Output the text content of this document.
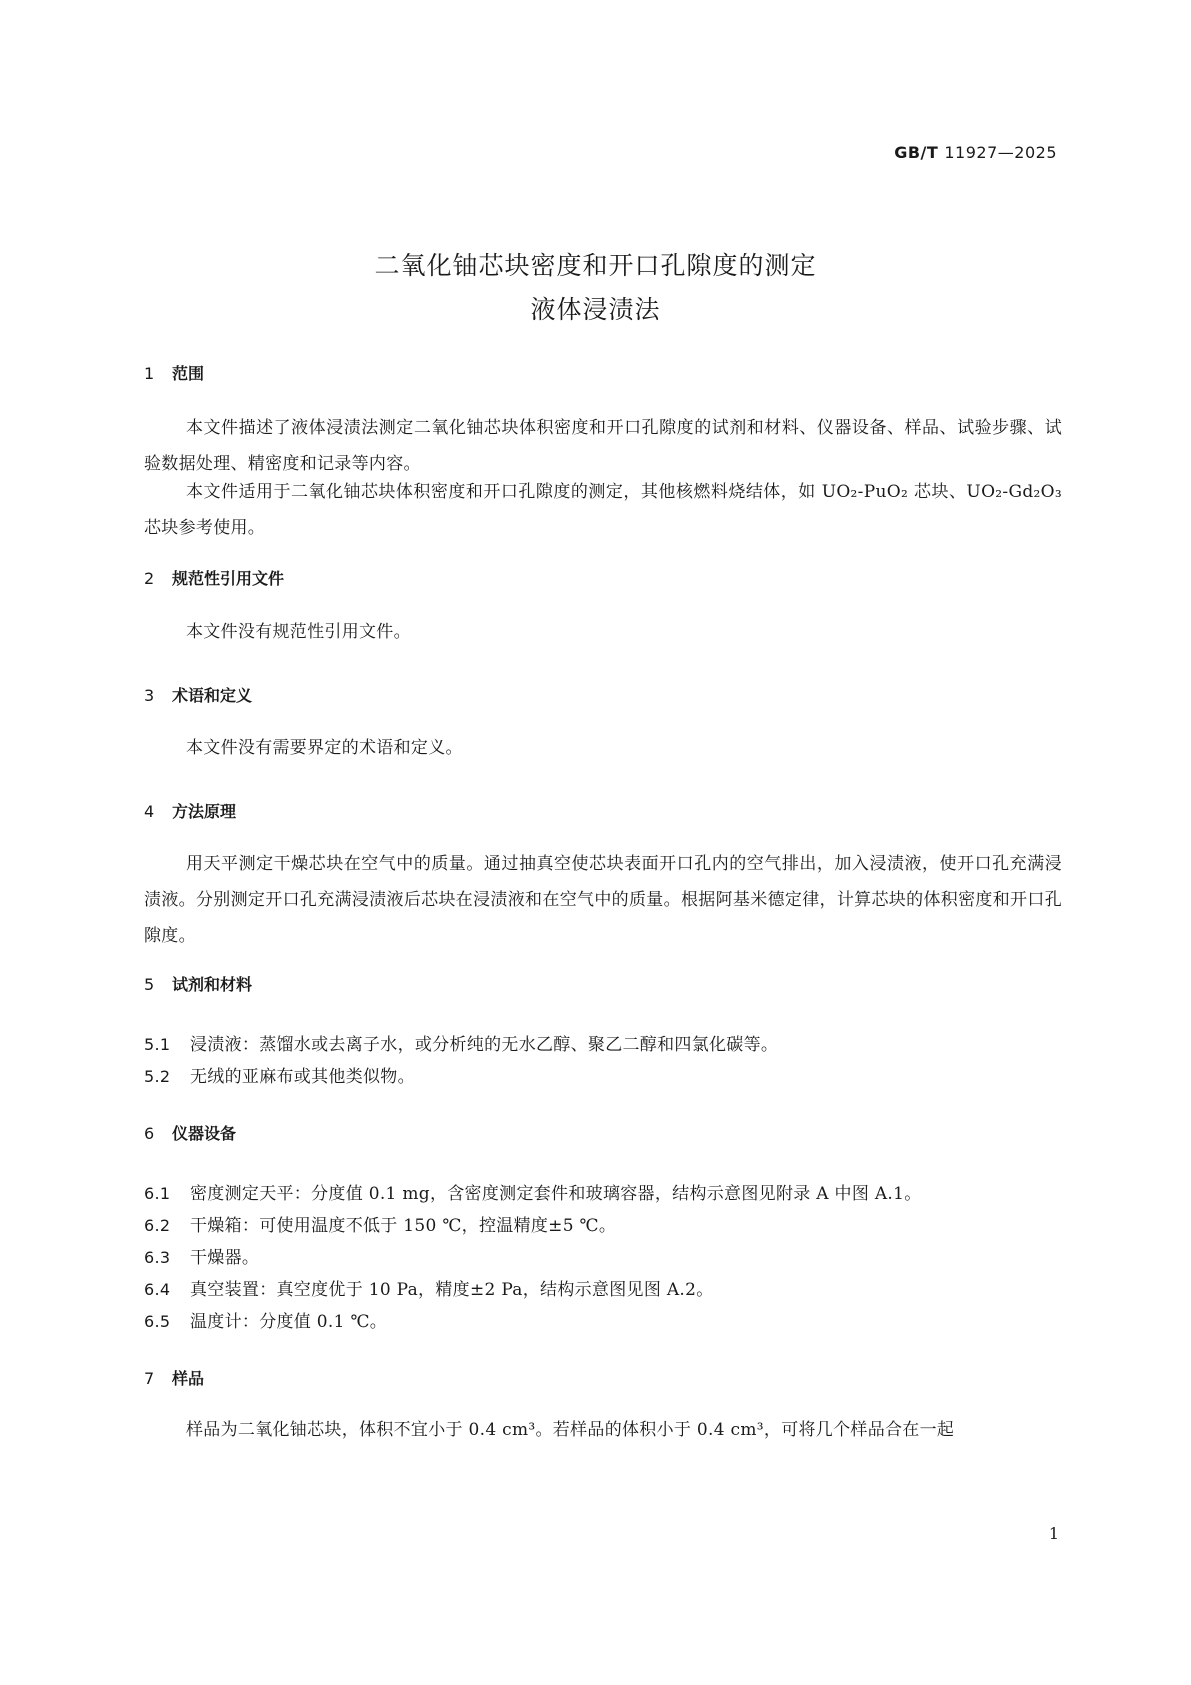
GB/T 11927—2025
二氧化铀芯块密度和开口孔隙度的测定
液体浸渍法
1 范围
本文件描述了液体浸渍法测定二氧化铀芯块体积密度和开口孔隙度的试剂和材料、仪器设备、样品、试验步骤、试验数据处理、精密度和记录等内容。
本文件适用于二氧化铀芯块体积密度和开口孔隙度的测定，其他核燃料烧结体，如 UO₂-PuO₂ 芯块、UO₂-Gd₂O₃ 芯块参考使用。
2 规范性引用文件
本文件没有规范性引用文件。
3 术语和定义
本文件没有需要界定的术语和定义。
4 方法原理
用天平测定干燥芯块在空气中的质量。通过抽真空使芯块表面开口孔内的空气排出，加入浸渍液，使开口孔充满浸渍液。分别测定开口孔充满浸渍液后芯块在浸渍液和在空气中的质量。根据阿基米德定律，计算芯块的体积密度和开口孔隙度。
5 试剂和材料
5.1 浸渍液：蒸馏水或去离子水，或分析纯的无水乙醇、聚乙二醇和四氯化碳等。
5.2 无绒的亚麻布或其他类似物。
6 仪器设备
6.1 密度测定天平：分度值 0.1 mg，含密度测定套件和玻璃容器，结构示意图见附录 A 中图 A.1。
6.2 干燥箱：可使用温度不低于 150 ℃，控温精度±5 ℃。
6.3 干燥器。
6.4 真空装置：真空度优于 10 Pa，精度±2 Pa，结构示意图见图 A.2。
6.5 温度计：分度值 0.1 ℃。
7 样品
样品为二氧化铀芯块，体积不宜小于 0.4 cm³。若样品的体积小于 0.4 cm³，可将几个样品合在一起
1
